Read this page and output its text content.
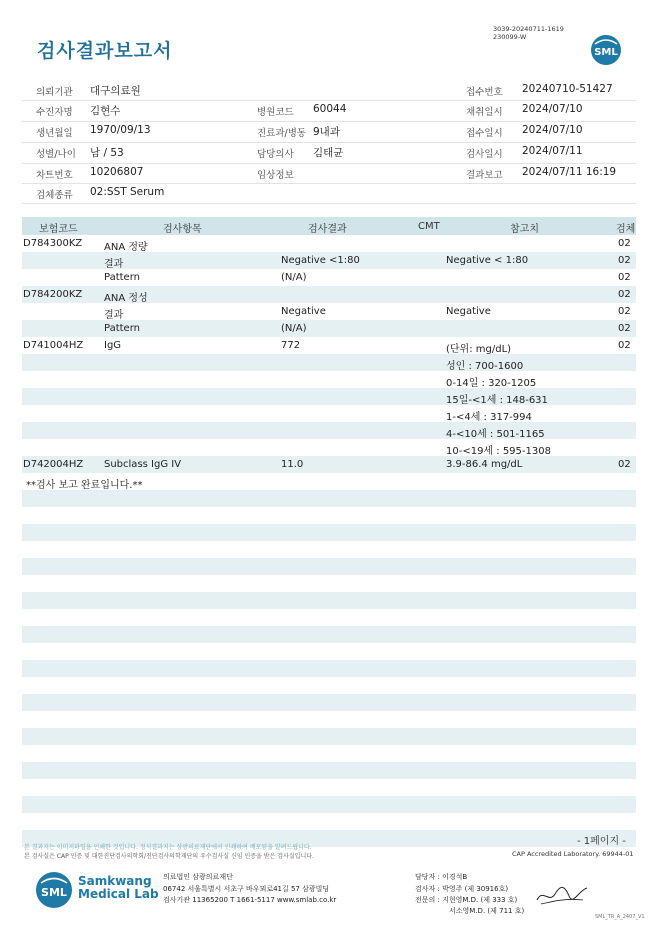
검사결과보고서
3039-20240711-1619
230099-W
SML
의뢰기관 대구의료원
수진자명 김현수
생년월일 1970/09/13
성별/나이 남 / 53
차트번호 10206807
검체종류 02:SST Serum
병원코드 60044
진료과/병동 9내과
담당의사 김태균
임상정보
접수번호 20240710-51427
채취일시 2024/07/10
접수일시 2024/07/10
검사일시 2024/07/11
결과보고 2024/07/11 16:19
보험코드	검사항목	검사결과	CMT	참고치	검체
D784300KZ ANA 정량	02
결과	Negative <1:80	Negative < 1:80	02
Pattern	(N/A)	02
D784200KZ ANA 정성	02
결과	Negative	Negative	02
Pattern	(N/A)	02
D741004HZ IgG	772	(단위: mg/dL)	02
성인 : 700-1600
0-14일 : 320-1205
15일-<1세 : 148-631
1-<4세 : 317-994
4-<10세 : 501-1165
10-<19세 : 595-1308
D742004HZ Subclass IgG IV	11.0	3.9-86.4 mg/dL	02
**검사 보고 완료입니다.**
- 1페이지 -
본 결과지는 이미지파일을 인쇄한 것입니다. 정식결과지는 삼광의료재단에서 인쇄하여 배포됨을 알려드립니다.
본 검사실은 CAP 인증 및 대한진단검사의학회/진단검사의학재단의 우수검사실 신임 인증을 받은 검사실입니다.	CAP Accredited Laboratory. 69944-01
SML
Samkwang
Medical Lab
의료법인 삼광의료재단
06742 서울특별시 서초구 바우뫼로41길 57 삼광빌딩
검사기관 11365200 T 1661-5117 www.smlab.co.kr
담당자 : 이경석B
검사자 : 박영주 (제 30916호)
전문의 : 지현영M.D. (제 333 호)
서소영M.D. (제 711 호)
SML_TR_A_2407_V1
